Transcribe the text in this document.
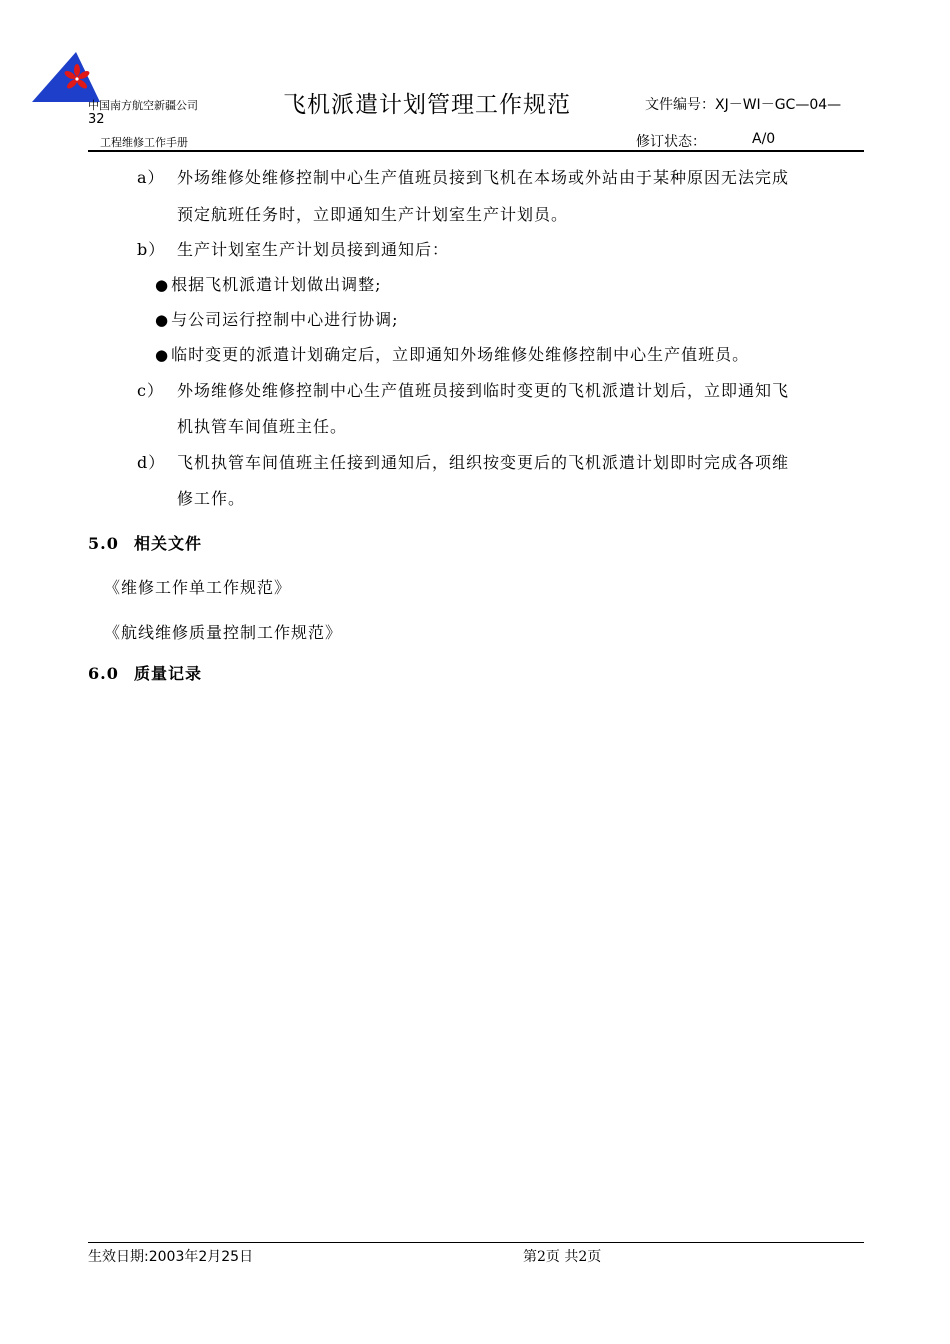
中国南方航空新疆公司
32
飞机派遣计划管理工作规范	文件编号：XJ－WI－GC—04—
工程维修工作手册	修订状态：	A/0
a） 外场维修处维修控制中心生产值班员接到飞机在本场或外站由于某种原因无法完成
预定航班任务时，立即通知生产计划室生产计划员。
b） 生产计划室生产计划员接到通知后：
● 根据飞机派遣计划做出调整;
● 与公司运行控制中心进行协调;
● 临时变更的派遣计划确定后，立即通知外场维修处维修控制中心生产值班员。
c） 外场维修处维修控制中心生产值班员接到临时变更的飞机派遣计划后，立即通知飞
机执管车间值班主任。
d） 飞机执管车间值班主任接到通知后，组织按变更后的飞机派遣计划即时完成各项维
修工作。
5.0 相关文件
《维修工作单工作规范》
《航线维修质量控制工作规范》
6.0 质量记录
生效日期:2003年2月25日	第2页 共2页
